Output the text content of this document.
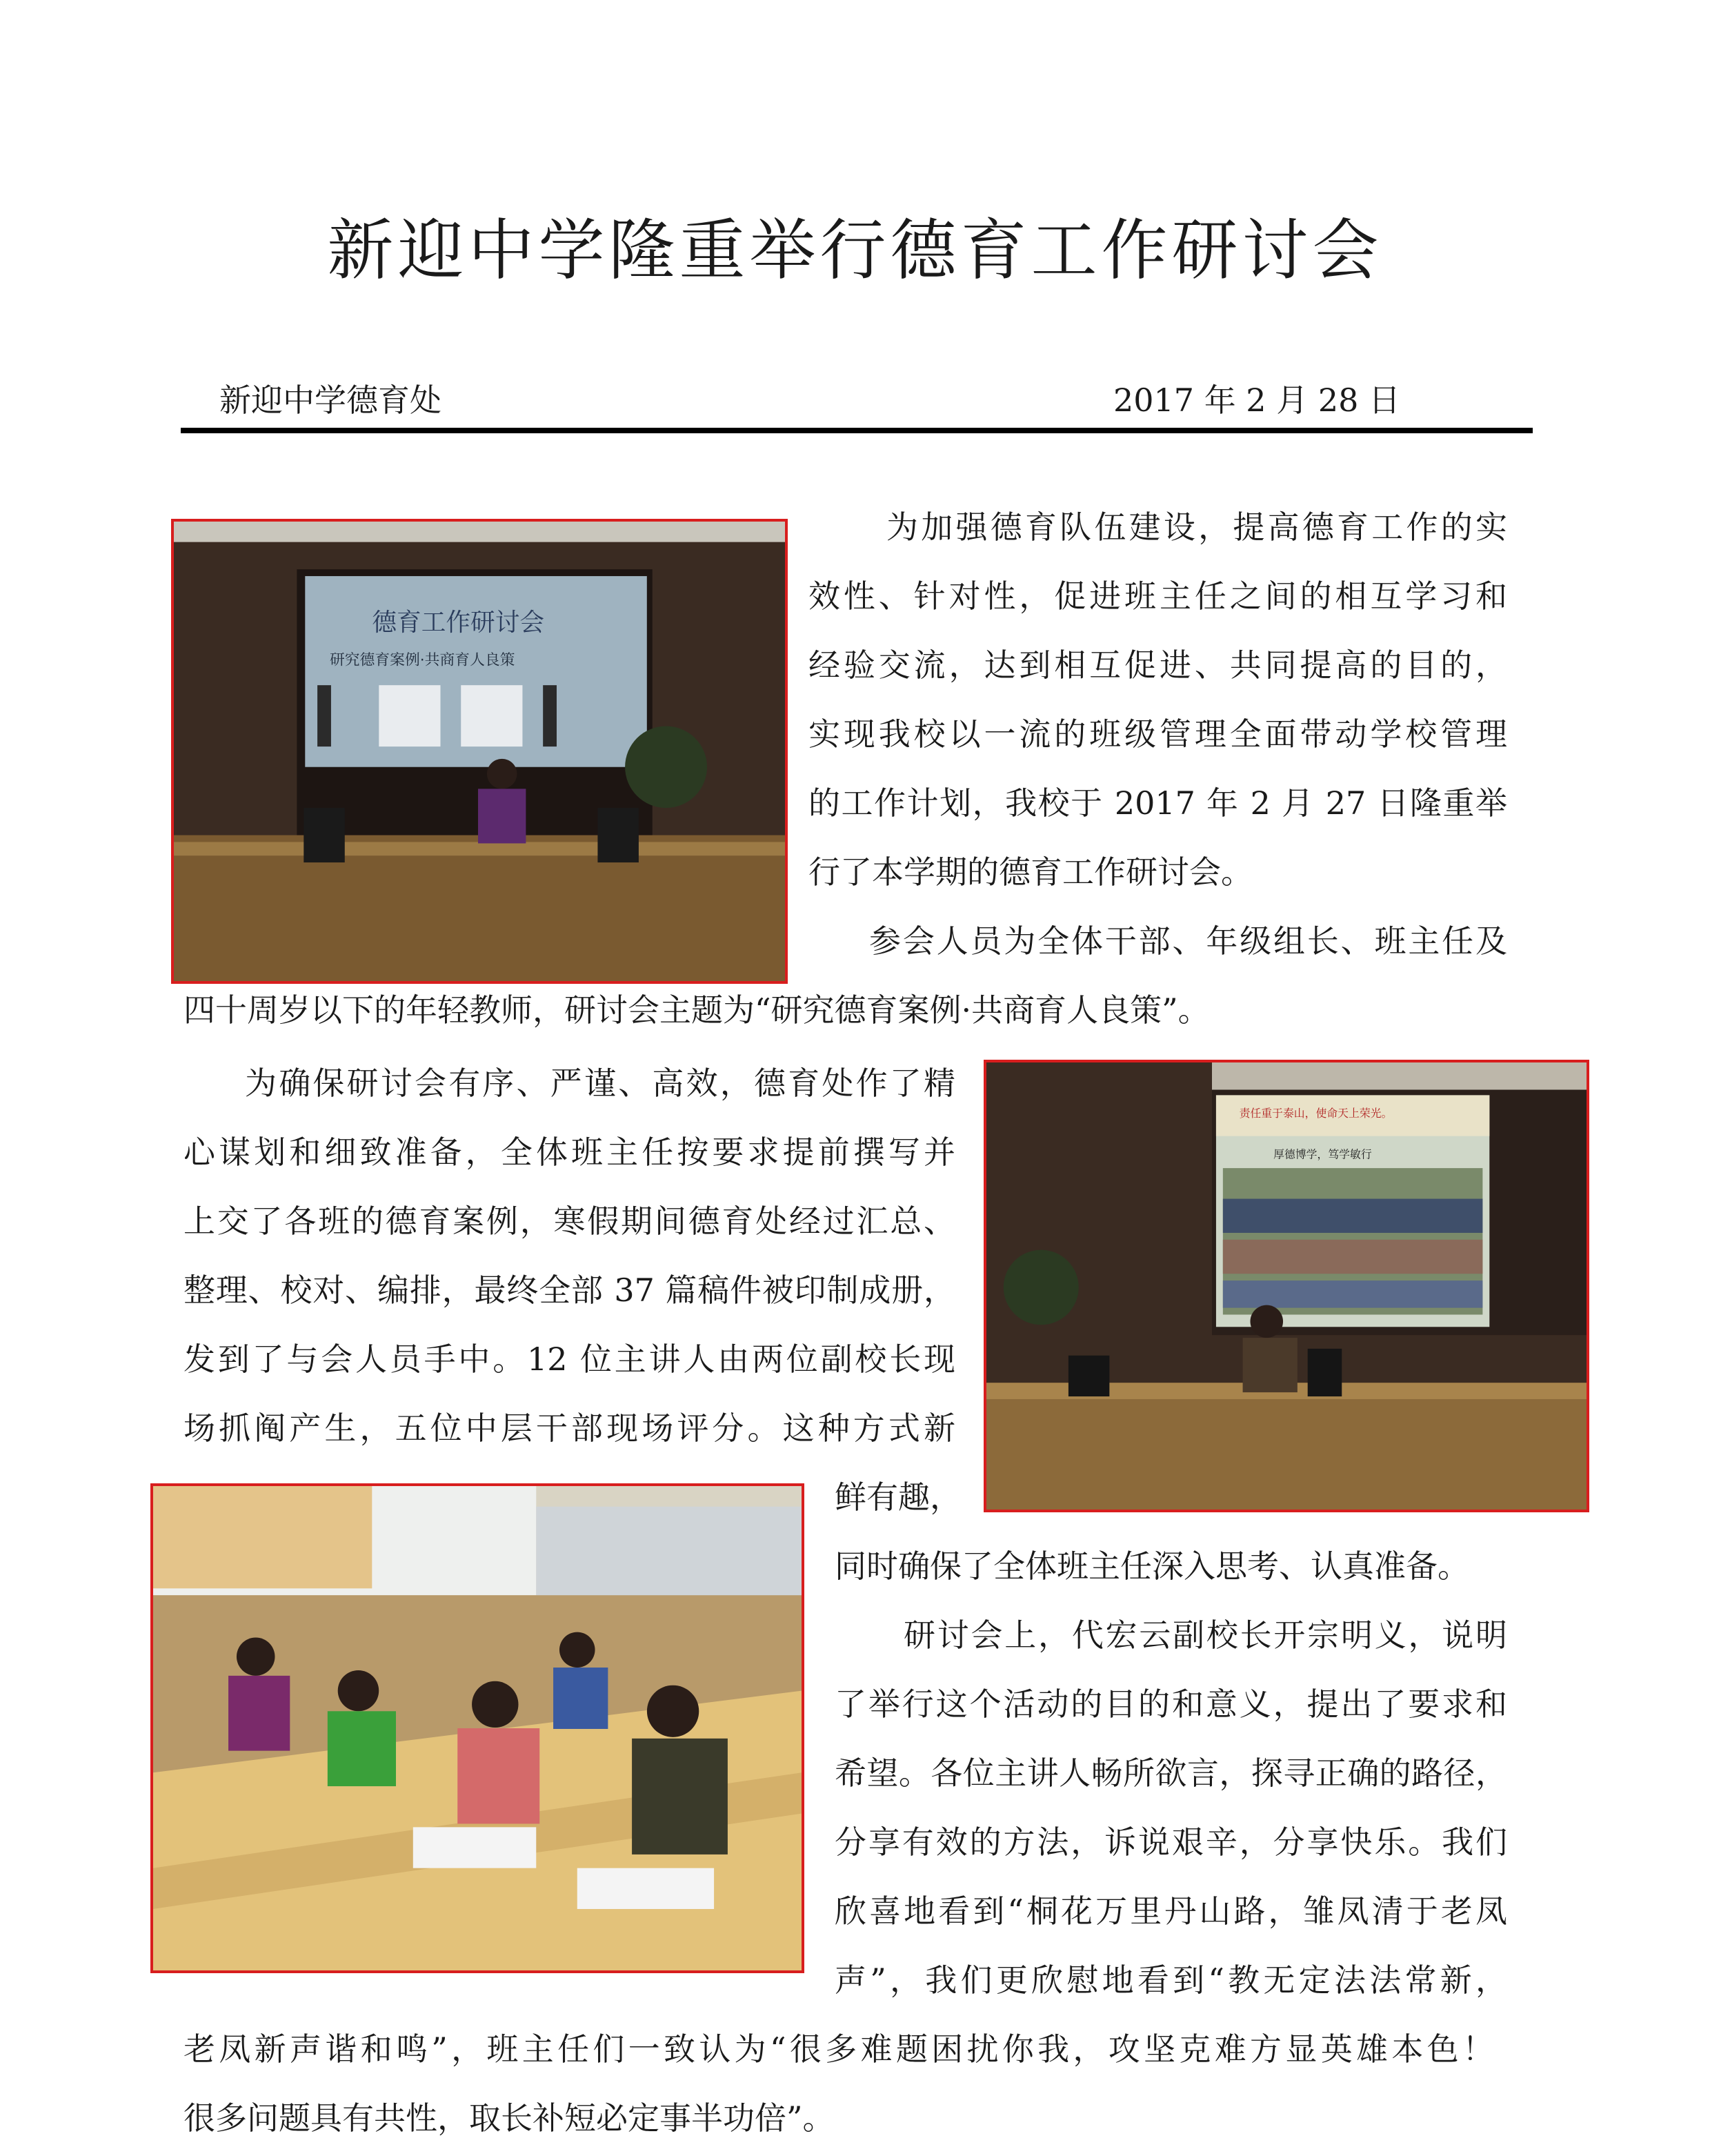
新迎中学隆重举行德育工作研讨会
新迎中学德育处	2017 年 2 月 28 日
德育工作研讨会
研究德育案例·共商育人良策
责任重于泰山，使命天上荣光。
厚德博学，笃学敏行
为加强德育队伍建设，提高德育工作的实
效性、针对性，促进班主任之间的相互学习和
经验交流，达到相互促进、共同提高的目的，
实现我校以一流的班级管理全面带动学校管理
的工作计划，我校于 2017 年 2 月 27 日隆重举
行了本学期的德育工作研讨会。
参会人员为全体干部、年级组长、班主任及
四十周岁以下的年轻教师，研讨会主题为“研究德育案例·共商育人良策”。
为确保研讨会有序、严谨、高效，德育处作了精
心谋划和细致准备，全体班主任按要求提前撰写并
上交了各班的德育案例，寒假期间德育处经过汇总、
整理、校对、编排，最终全部 37 篇稿件被印制成册，
发到了与会人员手中。12 位主讲人由两位副校长现
场抓阄产生，五位中层干部现场评分。这种方式新
鲜有趣，
同时确保了全体班主任深入思考、认真准备。
研讨会上，代宏云副校长开宗明义，说明
了举行这个活动的目的和意义，提出了要求和
希望。各位主讲人畅所欲言，探寻正确的路径，
分享有效的方法，诉说艰辛，分享快乐。我们
欣喜地看到“桐花万里丹山路，雏凤清于老凤
声”，我们更欣慰地看到“教无定法法常新，
老凤新声谐和鸣”，班主任们一致认为“很多难题困扰你我，攻坚克难方显英雄本色！
很多问题具有共性，取长补短必定事半功倍”。
